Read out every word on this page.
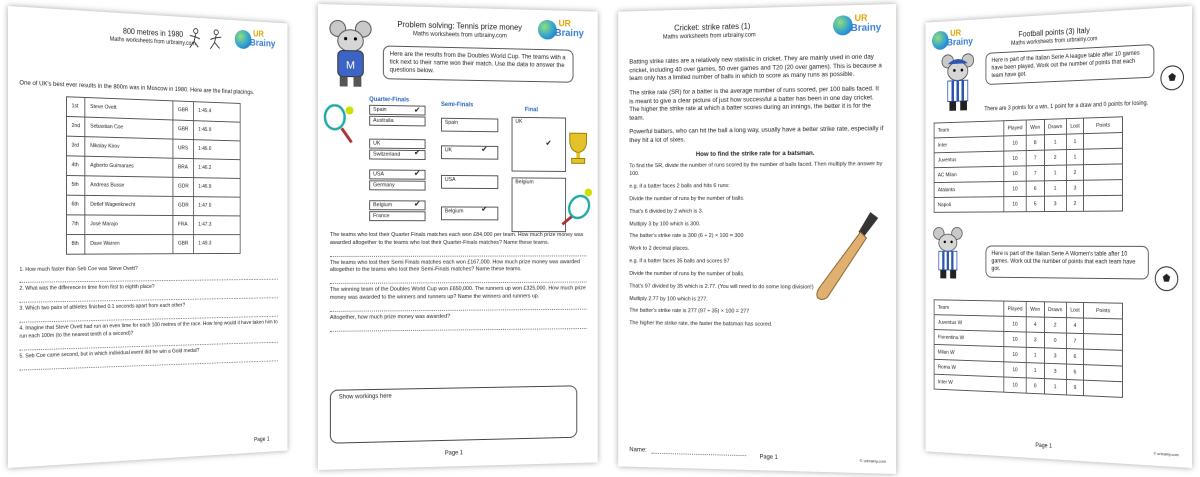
UR
Brainy
800 metres in 1980
Maths worksheets from urbrainy.com
One of UK's best ever results in the 800m was in Moscow in 1980. Here are the final placings.
1st	Steve Ovett	GBR	1:45.4
2nd	Sebastian Coe	GBR	1:45.9
3rd	Nikolay Kirov	URS	1:46.0
4th	Agberto Guimaraes	BRA	1:46.2
5th	Andreas Busse	GDR	1:46.9
6th	Detlef Wagenknecht	GDR	1:47.0
7th	José Marajo	FRA	1:47.3
8th	Dave Warren	GBR	1:49.3
1. How much faster than Seb Coe was Steve Ovett?
2. What was the difference in time from first to eighth place?
3. Which two pairs of athletes finished 0.1 seconds apart from each other?
4. Imagine that Steve Ovett had run an even time for each 100 metres of the race. How long would it have taken him to run each 100m (to the nearest tenth of a second)?
5. Seb Coe came second, but in which individual event did he win a Gold medal?
Page 1
UR
Brainy
Problem solving: Tennis prize money
Maths worksheets from urbrainy.com
M
Here are the results from the Doubles World Cup. The teams with a tick next to their name won their match. Use the data to answer the questions below.
Quarter-Finals
Semi-Finals
Final
Spain	✔
Australia
UK
Switzerland	✔
USA	✔
Germany
Belgium	✔
France
Spain
UK	✔
USA
Belgium	✔
UK
✔
Belgium
The teams who lost their Quarter Finals matches each won £84,000 per team. How much prize money was awarded altogether to the teams who lost their Quarter-Finals matches? Name these teams.
The teams who lost their Semi Finals matches each won £167,000. How much prize money was awarded altogether to the teams who lost their Semi-Finals matches? Name these teams.
The winning team of the Doubles World Cup won £650,000. The runners up won £325,000. How much prize money was awarded to the winners and runners up? Name the winners and runners up.
Altogether, how much prize money was awarded?
Show workings here
Page 1
UR
Brainy
Cricket: strike rates (1)
Maths worksheets from urbrainy.com
Batting strike rates are a relatively new statistic in cricket. They are mainly used in one day cricket, including 40 over games, 50 over games and T20 (20 over games). This is because a team only has a limited number of balls in which to score as many runs as possible.
The strike rate (SR) for a batter is the average number of runs scored, per 100 balls faced. It is meant to give a clear picture of just how successful a batter has been in one day cricket. The higher the strike rate at which a batter scores during an innings, the better it is for the team.
Powerful batters, who can hit the ball a long way, usually have a better strike rate, especially if they hit a lot of sixes.
How to find the strike rate for a batsman.
To find the SR, divide the number of runs scored by the number of balls faced. Then multiply the answer by 100.
e.g. if a batter faces 2 balls and hits 6 runs:
Divide the number of runs by the number of balls.
That's 6 divided by 2 which is 3.
Multiply 3 by 100 which is 300.
The batter's strike rate is 300 (6 ÷ 2) × 100 = 300
Work to 2 decimal places.
e.g. if a batter faces 35 balls and scores 97
Divide the number of runs by the number of balls.
That's 97 divided by 35 which is 2.77. (You will need to do some long division!)
Multiply 2.77 by 100 which is 277.
The batter's strike rate is 277 (97 ÷ 35) × 100 = 277
The higher the strike rate, the faster the batsman has scored.
Name:
Page 1
© urbrainy.com
UR
Brainy
Football points (3) Italy
Maths worksheets from urbrainy.com
Here is part of the Italian Serie A league table after 10 games have been played. Work out the number of points that each team have got.
There are 3 points for a win, 1 point for a draw and 0 points for losing.
Team	Played	Won	Drawn	Lost	Points
Inter	10	8	1	1	
Juventus	10	7	2	1	
AC Milan	10	7	1	2	
Atalanta	10	6	1	3	
Napoli	10	5	3	2	
Here is part of the Italian Serie A Women's table after 10 games. Work out the number of points that each team have got.
Team	Played	Won	Drawn	Lost	Points
Juventus W	10	4	2	4	
Fiorentina W	10	3	0	7	
Milan W	10	1	3	6	
Roma W	10	1	3	6	
Inter W	10	0	1	9	
Page 1
© urbrainy.com
